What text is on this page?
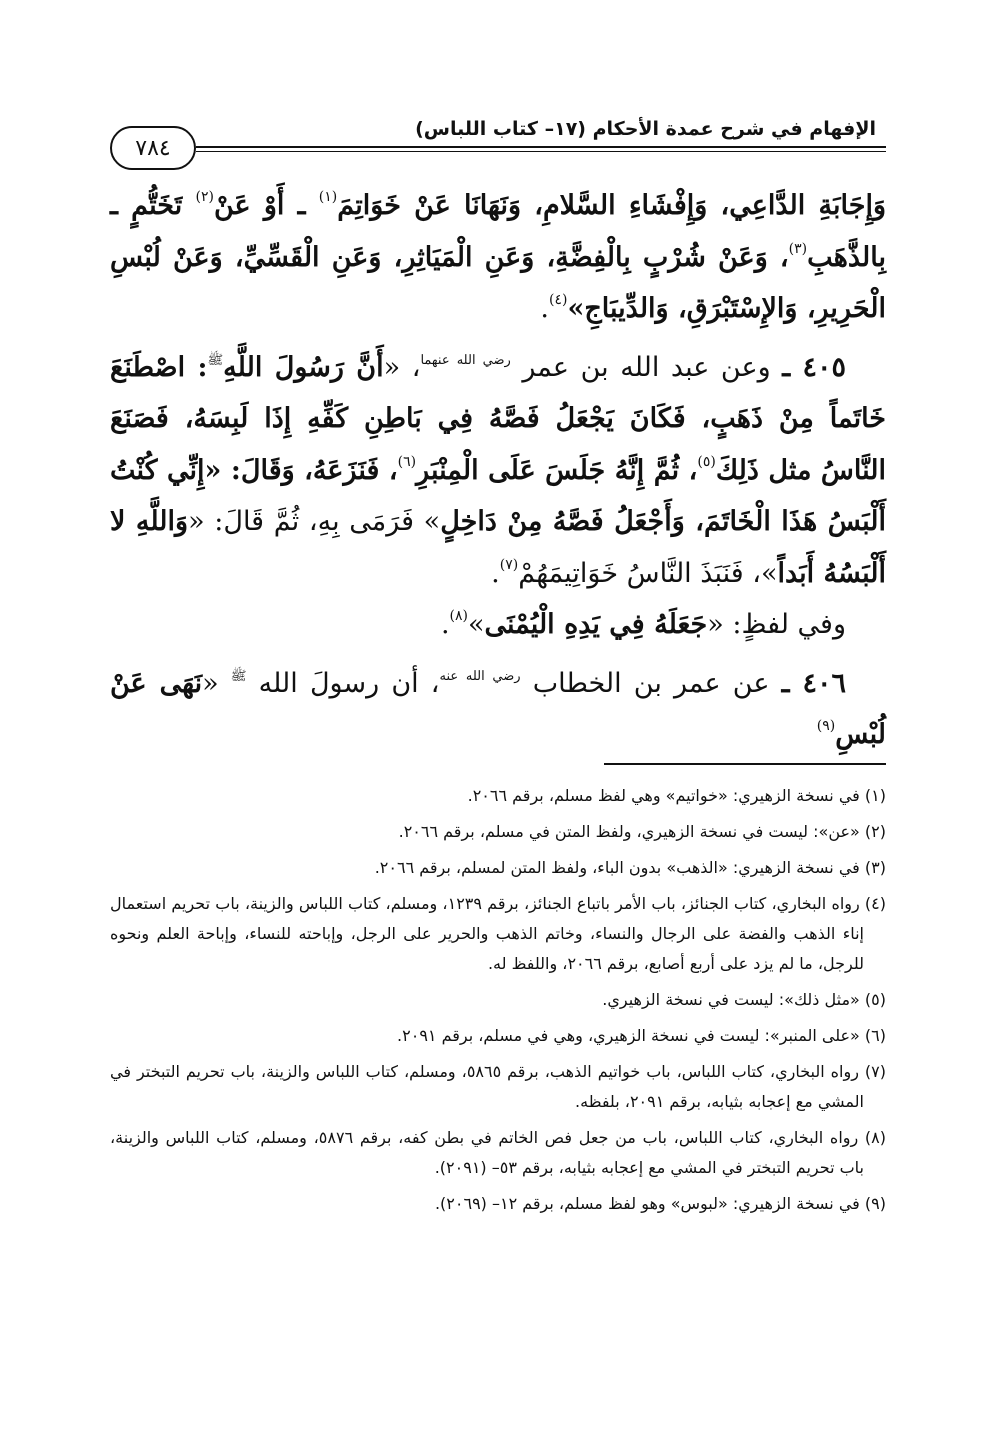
الإفهام في شرح عمدة الأحكام (١٧– كتاب اللباس)
٧٨٤

وَإِجَابَةِ الدَّاعِي، وَإِفْشَاءِ السَّلامِ، وَنَهَانَا عَنْ خَوَاتِمَ$^{(١)}$ ـ أَوْ عَنْ$^{(٢)}$ تَخَتُّمٍ ـ بِالذَّهَبِ$^{(٣)}$، وَعَنْ شُرْبٍ بِالْفِضَّةِ، وَعَنِ الْمَيَاثِرِ، وَعَنِ الْقَسِّيِّ، وَعَنْ لُبْسِ الْحَرِيرِ، وَالإِسْتَبْرَقِ، وَالدِّيبَاجِ»$^{(٤)}$.

٤٠٥ ـ وعن عبد الله بن عمر $^{رضي الله عنهما}$، «أَنَّ رَسُولَ اللَّهِ$^ﷺ$: اصْطَنَعَ خَاتَماً مِنْ ذَهَبٍ، فَكَانَ يَجْعَلُ فَصَّهُ فِي بَاطِنِ كَفِّهِ إِذَا لَبِسَهُ، فَصَنَعَ النَّاسُ مثل ذَلِكَ$^{(٥)}$، ثُمَّ إِنَّهُ جَلَسَ عَلَى الْمِنْبَرِ$^{(٦)}$، فَنَزَعَهُ، وَقَالَ: «إِنِّي كُنْتُ أَلْبَسُ هَذَا الْخَاتَمَ، وَأَجْعَلُ فَصَّهُ مِنْ دَاخِلٍ» فَرَمَى بِهِ، ثُمَّ قَالَ: «وَاللَّهِ لا أَلْبَسُهُ أَبَداً»، فَنَبَذَ النَّاسُ خَوَاتِيمَهُمْ$^{(٧)}$.

وفي لفظٍ: «جَعَلَهُ فِي يَدِهِ الْيُمْنَى»$^{(٨)}$.

٤٠٦ ـ عن عمر بن الخطاب $^{رضي الله عنه}$، أن رسولَ الله $^ﷺ$ «نَهَى عَنْ لُبْسِ$^{(٩)}$

(١) في نسخة الزهيري: «خواتيم» وهي لفظ مسلم، برقم ٢٠٦٦.

(٢) «عن»: ليست في نسخة الزهيري، ولفظ المتن في مسلم، برقم ٢٠٦٦.

(٣) في نسخة الزهيري: «الذهب» بدون الباء، ولفظ المتن لمسلم، برقم ٢٠٦٦.

(٤) رواه البخاري، كتاب الجنائز، باب الأمر باتباع الجنائز، برقم ١٢٣٩، ومسلم، كتاب اللباس والزينة، باب تحريم استعمال إناء الذهب والفضة على الرجال والنساء، وخاتم الذهب والحرير على الرجل، وإباحته للنساء، وإباحة العلم ونحوه للرجل، ما لم يزد على أربع أصابع، برقم ٢٠٦٦، واللفظ له.

(٥) «مثل ذلك»: ليست في نسخة الزهيري.

(٦) «على المنبر»: ليست في نسخة الزهيري، وهي في مسلم، برقم ٢٠٩١.

(٧) رواه البخاري، كتاب اللباس، باب خواتيم الذهب، برقم ٥٨٦٥، ومسلم، كتاب اللباس والزينة، باب تحريم التبختر في المشي مع إعجابه بثيابه، برقم ٢٠٩١، بلفظه.

(٨) رواه البخاري، كتاب اللباس، باب من جعل فص الخاتم في بطن كفه، برقم ٥٨٧٦، ومسلم، كتاب اللباس والزينة، باب تحريم التبختر في المشي مع إعجابه بثيابه، برقم ٥٣– (٢٠٩١).

(٩) في نسخة الزهيري: «لبوس» وهو لفظ مسلم، برقم ١٢– (٢٠٦٩).
